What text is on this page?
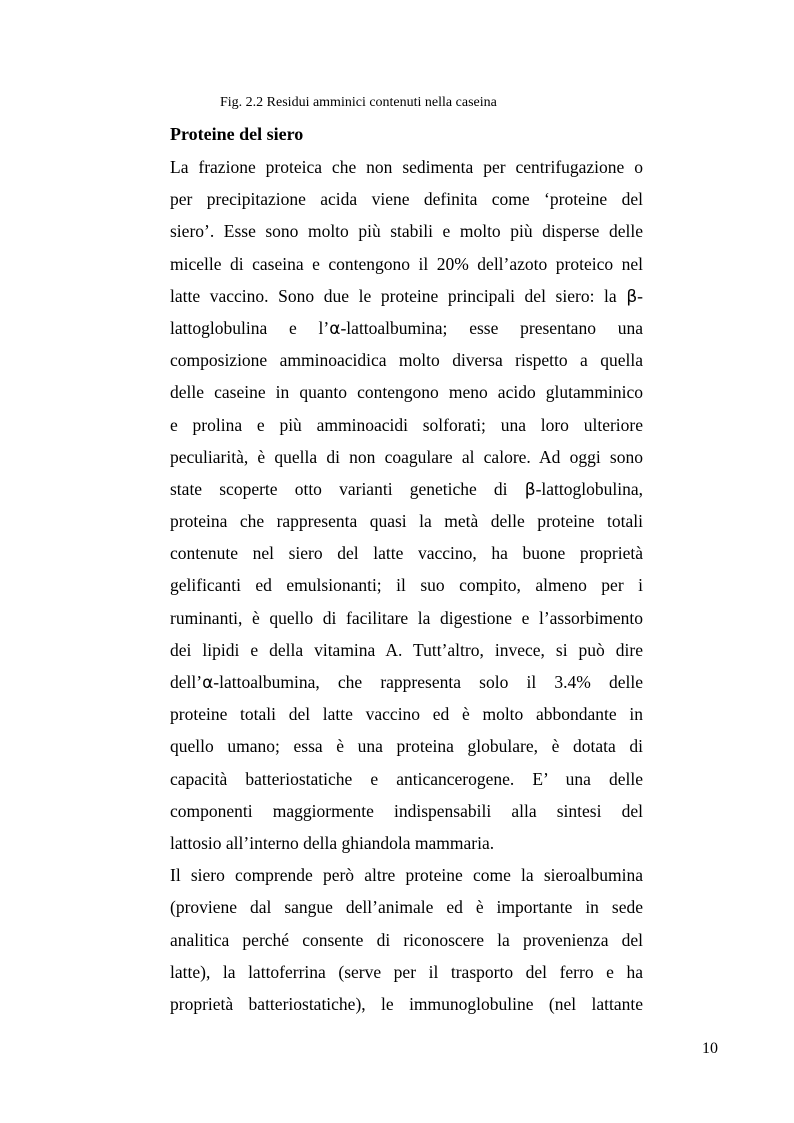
Fig. 2.2 Residui amminici contenuti nella caseina
Proteine del siero
La frazione proteica che non sedimenta per centrifugazione o
per precipitazione acida viene definita come ‘proteine del
siero’. Esse sono molto più stabili e molto più disperse delle
micelle di caseina e contengono il 20% dell’azoto proteico nel
latte vaccino. Sono due le proteine principali del siero: la β-
lattoglobulina e l’α-lattoalbumina; esse presentano una
composizione amminoacidica molto diversa rispetto a quella
delle caseine in quanto contengono meno acido glutamminico
e prolina e più amminoacidi solforati; una loro ulteriore
peculiarità, è quella di non coagulare al calore. Ad oggi sono
state scoperte otto varianti genetiche di β-lattoglobulina,
proteina che rappresenta quasi la metà delle proteine totali
contenute nel siero del latte vaccino, ha buone proprietà
gelificanti ed emulsionanti; il suo compito, almeno per i
ruminanti, è quello di facilitare la digestione e l’assorbimento
dei lipidi e della vitamina A. Tutt’altro, invece, si può dire
dell’α-lattoalbumina, che rappresenta solo il 3.4% delle
proteine totali del latte vaccino ed è molto abbondante in
quello umano; essa è una proteina globulare, è dotata di
capacità batteriostatiche e anticancerogene. E’ una delle
componenti maggiormente indispensabili alla sintesi del
lattosio all’interno della ghiandola mammaria.
Il siero comprende però altre proteine come la sieroalbumina
(proviene dal sangue dell’animale ed è importante in sede
analitica perché consente di riconoscere la provenienza del
latte), la lattoferrina (serve per il trasporto del ferro e ha
proprietà batteriostatiche), le immunoglobuline (nel lattante
10
